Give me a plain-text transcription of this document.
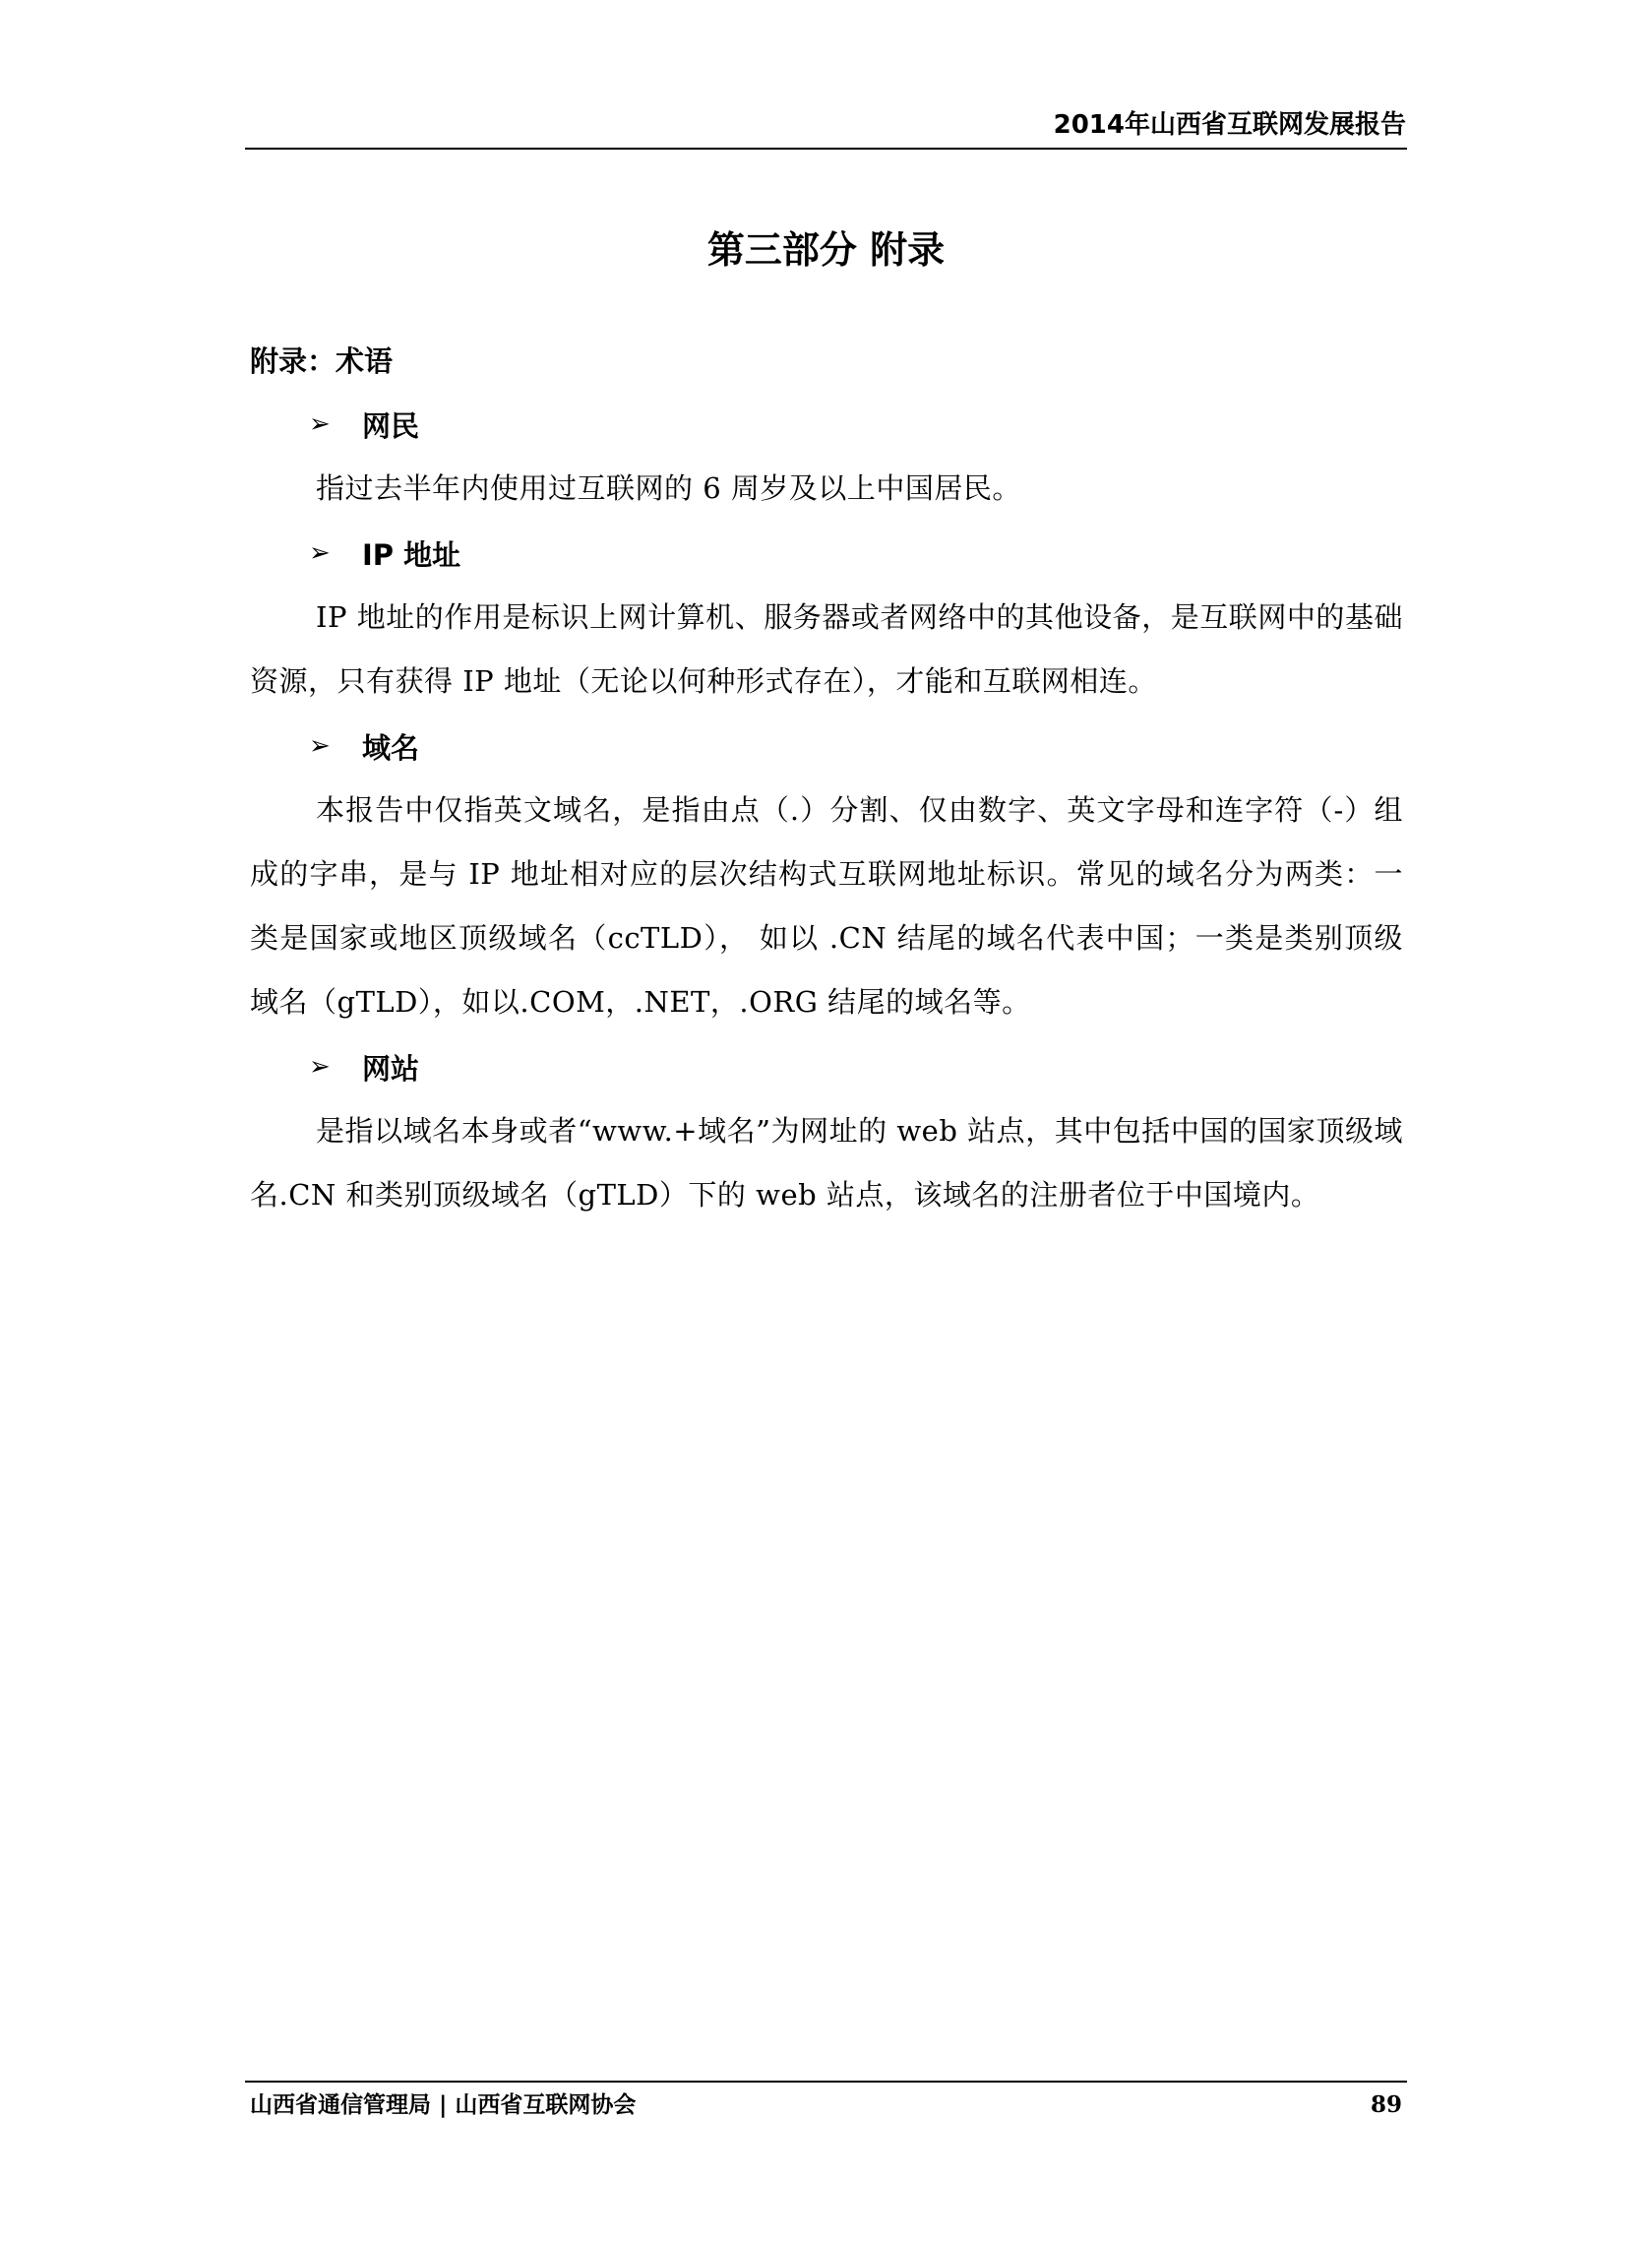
2014年山西省互联网发展报告
第三部分 附录
附录：术语
➢	网民

指过去半年内使用过互联网的 6 周岁及以上中国居民。

➢	IP 地址

IP 地址的作用是标识上网计算机、服务器或者网络中的其他设备，是互联网中的基础资源，只有获得 IP 地址（无论以何种形式存在），才能和互联网相连。

➢	域名

本报告中仅指英文域名，是指由点（.）分割、仅由数字、英文字母和连字符（-）组成的字串，是与 IP 地址相对应的层次结构式互联网地址标识。常见的域名分为两类：一类是国家或地区顶级域名（ccTLD）， 如以 .CN 结尾的域名代表中国；一类是类别顶级域名（gTLD），如以.COM，.NET，.ORG 结尾的域名等。

➢	网站

是指以域名本身或者“www.+域名”为网址的 web 站点，其中包括中国的国家顶级域名.CN 和类别顶级域名（gTLD）下的 web 站点，该域名的注册者位于中国境内。

山西省通信管理局 | 山西省互联网协会	89
